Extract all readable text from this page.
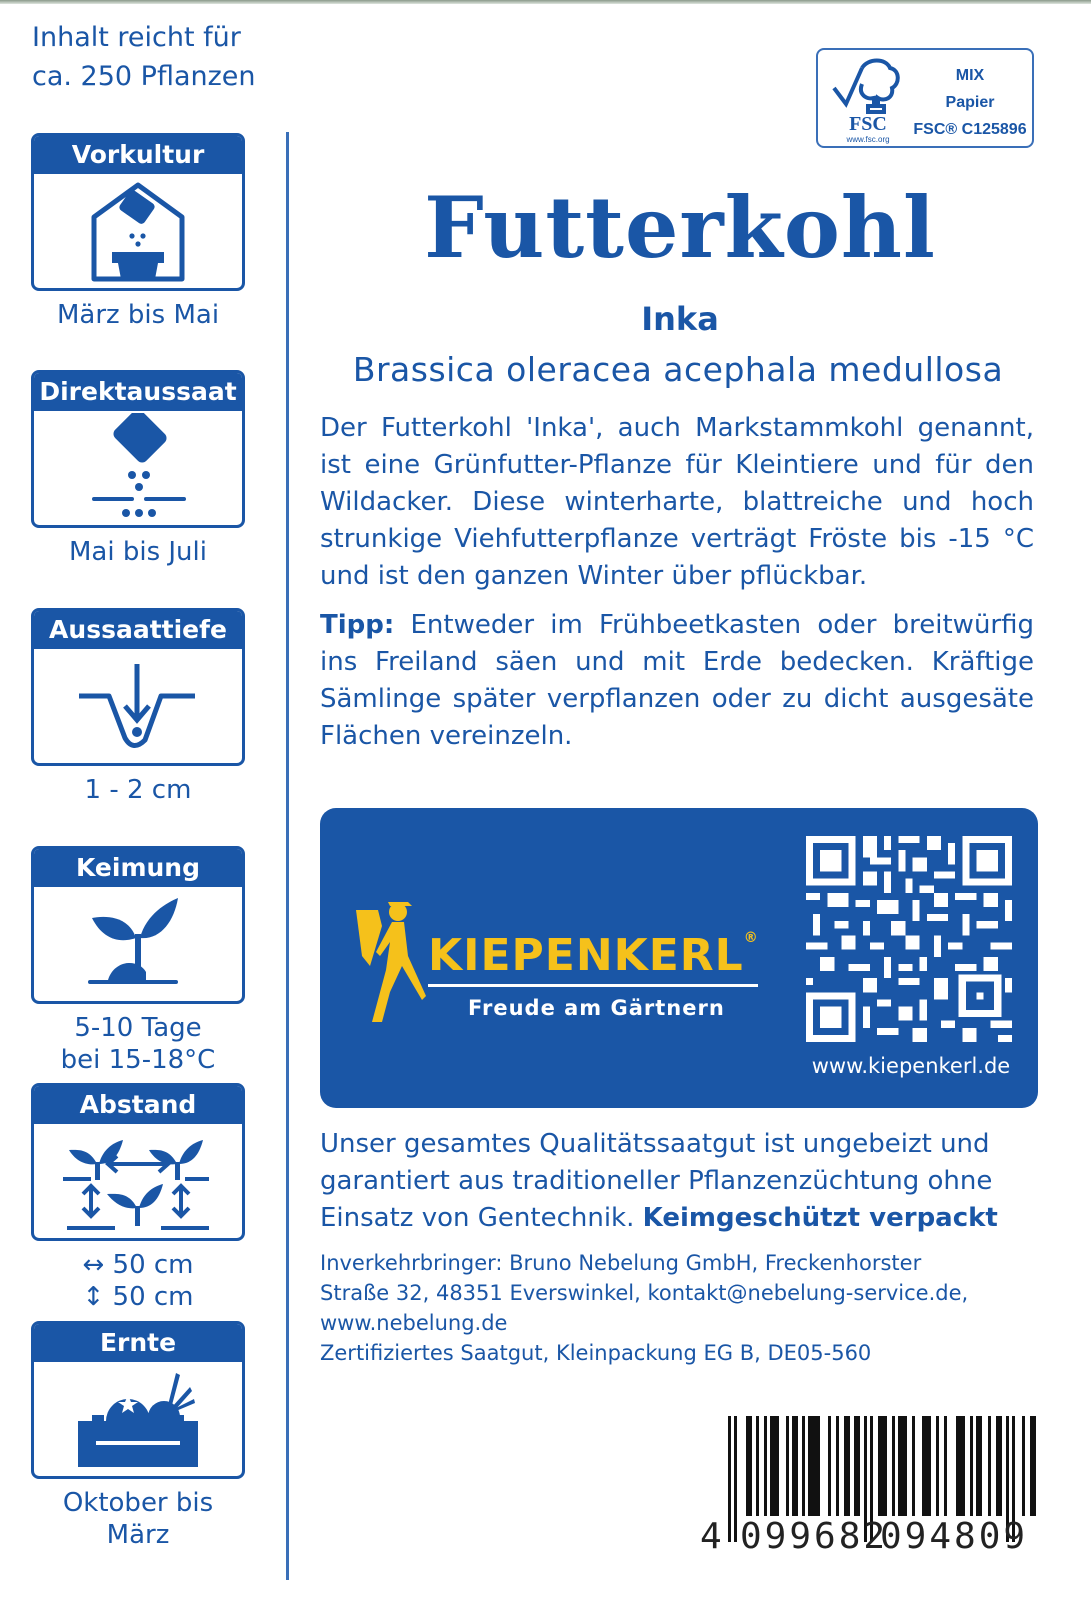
Inhalt reicht für
ca. 250 Pflanzen
Vorkultur
März bis Mai
Direktaussaat
Mai bis Juli
Aussaattiefe
1 - 2 cm
Keimung
5-10 Tage
bei 15-18°C
Abstand
↔ 50 cm
↕ 50 cm
Ernte
Oktober bis
März
FSC
www.fsc.org
MIX
Papier
FSC® C125896
Futterkohl
Inka
Brassica oleracea acephala medullosa
Der Futterkohl 'Inka', auch Markstammkohl genannt, ist eine Grünfutter-Pflanze für Kleintiere und für den Wildacker. Diese winterharte, blattreiche und hoch strunkige Viehfutterpflanze verträgt Fröste bis -15 °C und ist den ganzen Winter über pflückbar.
Tipp: Entweder im Frühbeetkasten oder breitwürfig ins Freiland säen und mit Erde bedecken. Kräftige Sämlinge später verpflanzen oder zu dicht ausgesäte Flächen vereinzeln.
KIEPENKERL®
Freude am Gärtnern
www.kiepenkerl.de
Unser gesamtes Qualitätssaatgut ist ungebeizt und garantiert aus traditioneller Pflanzenzüchtung ohne Einsatz von Gentechnik. Keimgeschützt verpackt
Inverkehrbringer: Bruno Nebelung GmbH, Freckenhorster
Straße 32, 48351 Everswinkel, kontakt@nebelung-service.de,
www.nebelung.de
Zertifiziertes Saatgut, Kleinpackung EG B, DE05-560
4 099682
094809
